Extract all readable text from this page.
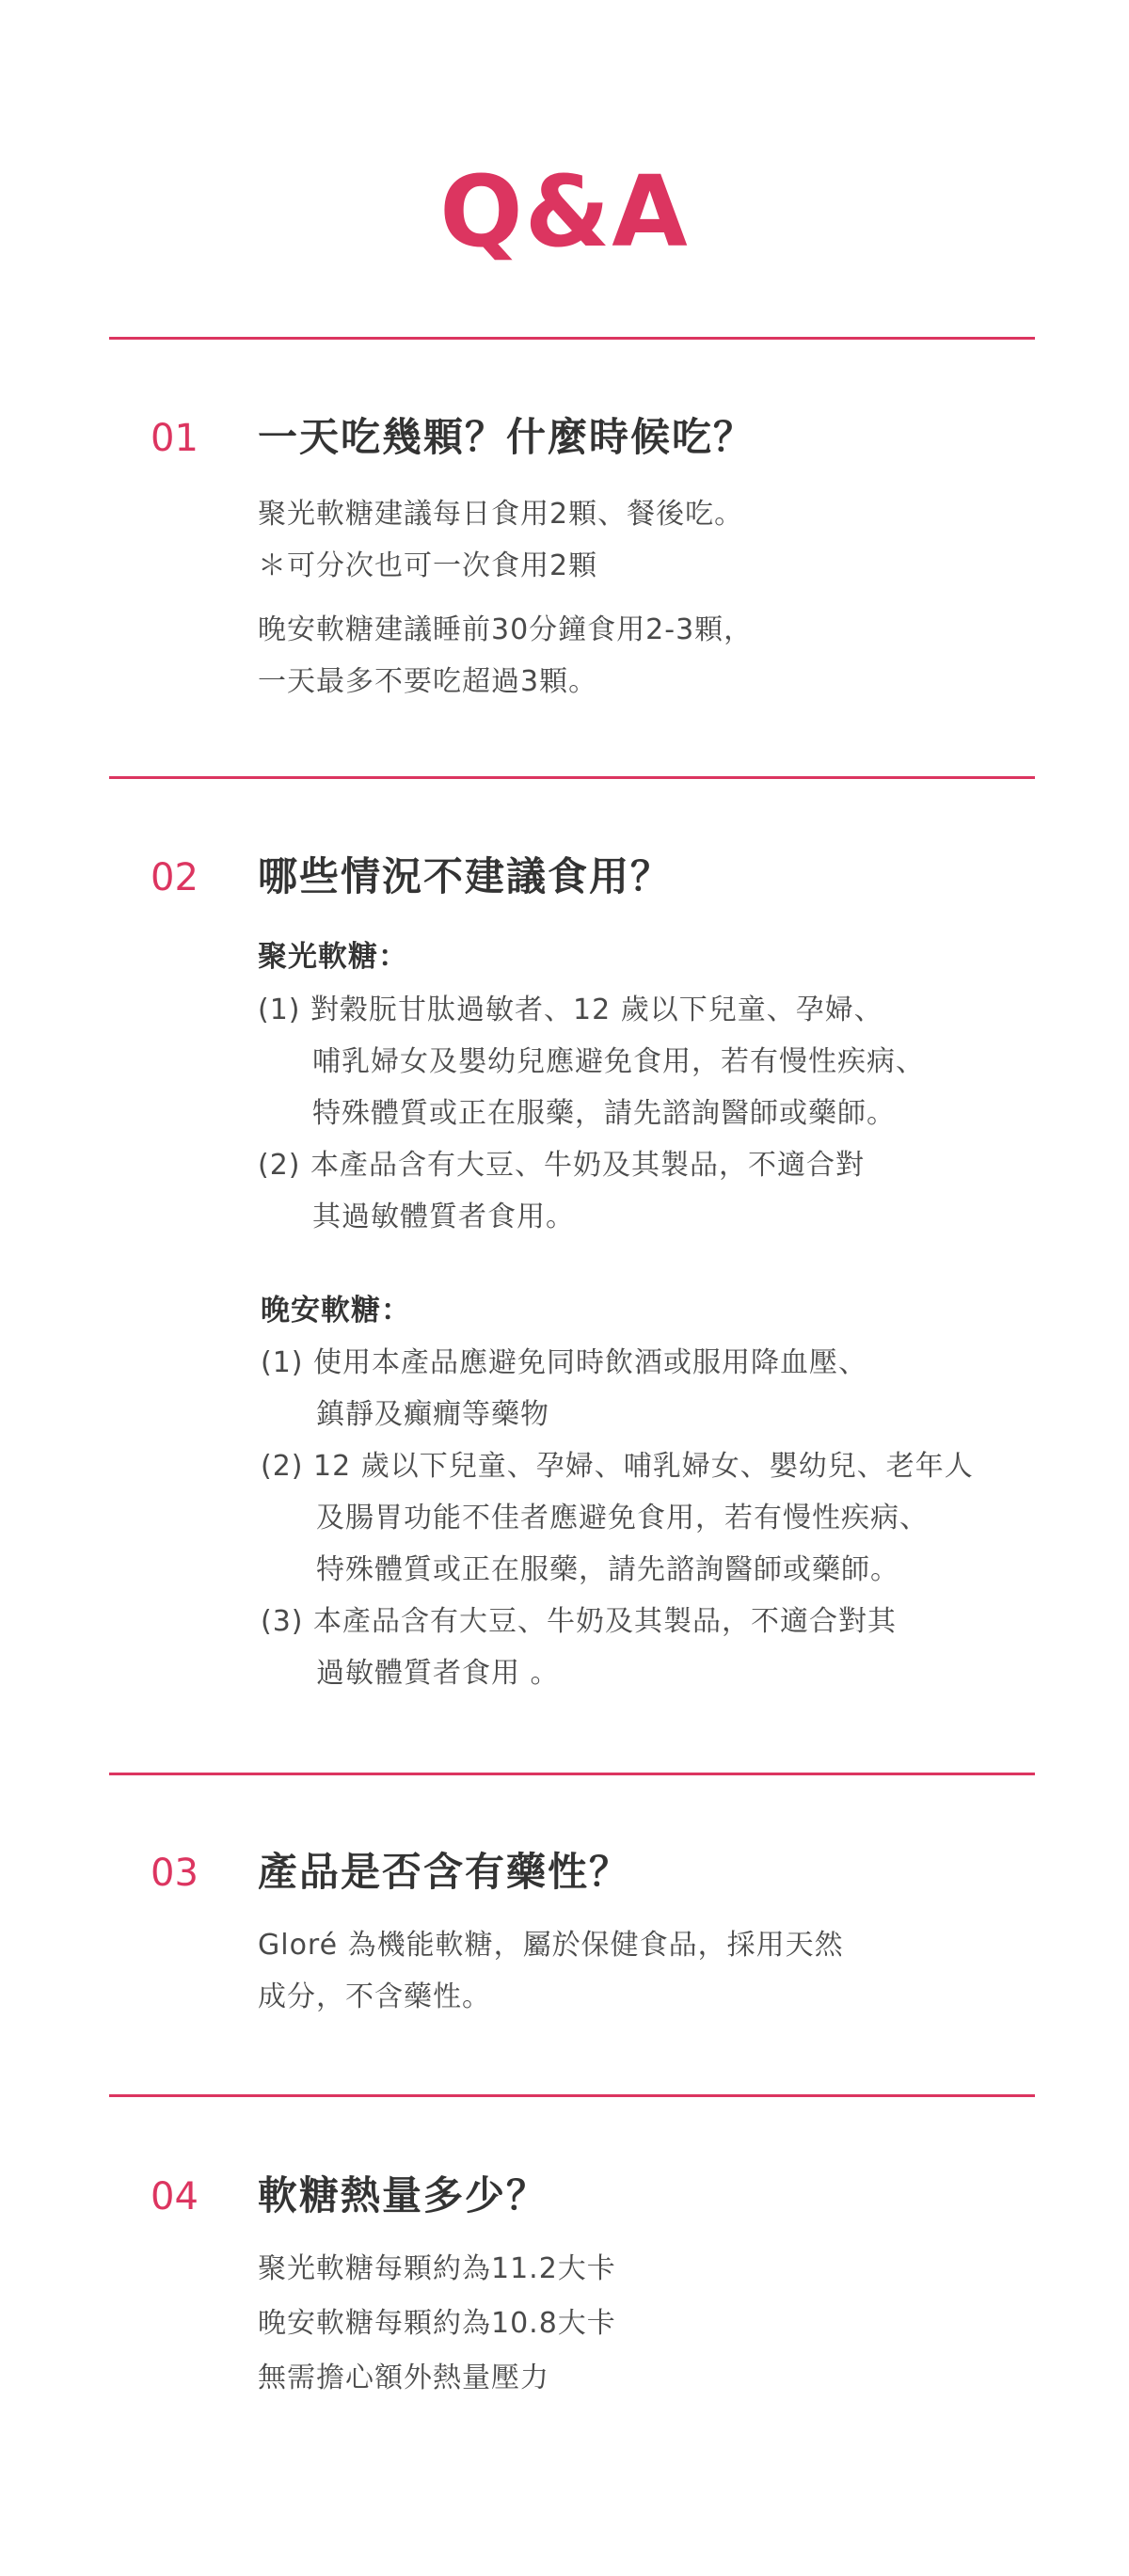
Q&A
01 一天吃幾顆？什麼時候吃？
聚光軟糖建議每日食用2顆、餐後吃。
＊可分次也可一次食用2顆
晚安軟糖建議睡前30分鐘食用2-3顆，
一天最多不要吃超過3顆。
02 哪些情況不建議食用？
聚光軟糖：
(1) 對穀朊甘肽過敏者、12 歲以下兒童、孕婦、
哺乳婦女及嬰幼兒應避免食用，若有慢性疾病、
特殊體質或正在服藥，請先諮詢醫師或藥師。
(2) 本產品含有大豆、牛奶及其製品，不適合對
其過敏體質者食用。
晚安軟糖：
(1) 使用本產品應避免同時飲酒或服用降血壓、
鎮靜及癲癇等藥物
(2) 12 歲以下兒童、孕婦、哺乳婦女、嬰幼兒、老年人
及腸胃功能不佳者應避免食用，若有慢性疾病、
特殊體質或正在服藥，請先諮詢醫師或藥師。
(3) 本產品含有大豆、牛奶及其製品，不適合對其
過敏體質者食用 。
03 產品是否含有藥性？
Gloré 為機能軟糖，屬於保健食品，採用天然
成分，不含藥性。
04 軟糖熱量多少？
聚光軟糖每顆約為11.2大卡
晚安軟糖每顆約為10.8大卡
無需擔心額外熱量壓力
